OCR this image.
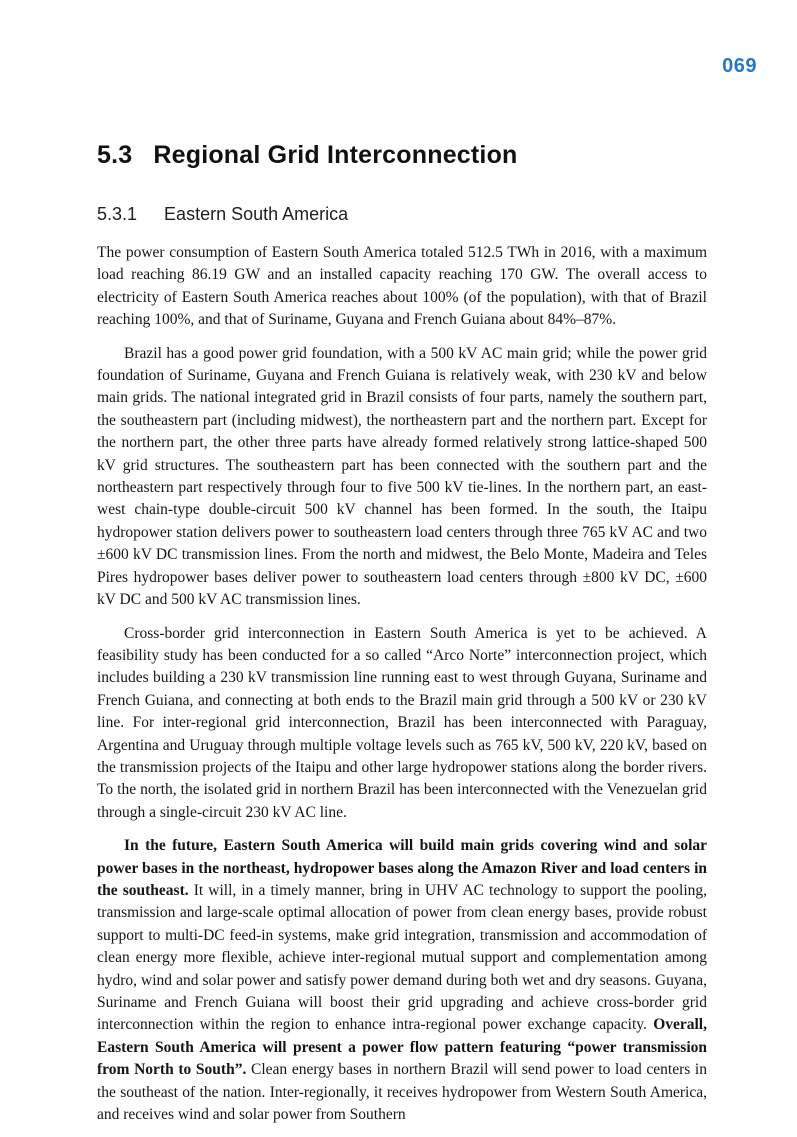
069
5.3 Regional Grid Interconnection
5.3.1 Eastern South America

The power consumption of Eastern South America totaled 512.5 TWh in 2016, with a maximum load reaching 86.19 GW and an installed capacity reaching 170 GW. The overall access to electricity of Eastern South America reaches about 100% (of the population), with that of Brazil reaching 100%, and that of Suriname, Guyana and French Guiana about 84%–87%.

Brazil has a good power grid foundation, with a 500 kV AC main grid; while the power grid foundation of Suriname, Guyana and French Guiana is relatively weak, with 230 kV and below main grids. The national integrated grid in Brazil consists of four parts, namely the southern part, the southeastern part (including midwest), the northeastern part and the northern part. Except for the northern part, the other three parts have already formed relatively strong lattice-shaped 500 kV grid structures. The southeastern part has been connected with the southern part and the northeastern part respectively through four to five 500 kV tie-lines. In the northern part, an east-west chain-type double-circuit 500 kV channel has been formed. In the south, the Itaipu hydropower station delivers power to southeastern load centers through three 765 kV AC and two ±600 kV DC transmission lines. From the north and midwest, the Belo Monte, Madeira and Teles Pires hydropower bases deliver power to southeastern load centers through ±800 kV DC, ±600 kV DC and 500 kV AC transmission lines.

Cross-border grid interconnection in Eastern South America is yet to be achieved. A feasibility study has been conducted for a so called “Arco Norte” interconnection project, which includes building a 230 kV transmission line running east to west through Guyana, Suriname and French Guiana, and connecting at both ends to the Brazil main grid through a 500 kV or 230 kV line. For inter-regional grid interconnection, Brazil has been interconnected with Paraguay, Argentina and Uruguay through multiple voltage levels such as 765 kV, 500 kV, 220 kV, based on the transmission projects of the Itaipu and other large hydropower stations along the border rivers. To the north, the isolated grid in northern Brazil has been interconnected with the Venezuelan grid through a single-circuit 230 kV AC line.

In the future, Eastern South America will build main grids covering wind and solar power bases in the northeast, hydropower bases along the Amazon River and load centers in the southeast. It will, in a timely manner, bring in UHV AC technology to support the pooling, transmission and large-scale optimal allocation of power from clean energy bases, provide robust support to multi-DC feed-in systems, make grid integration, transmission and accommodation of clean energy more flexible, achieve inter-regional mutual support and complementation among hydro, wind and solar power and satisfy power demand during both wet and dry seasons. Guyana, Suriname and French Guiana will boost their grid upgrading and achieve cross-border grid interconnection within the region to enhance intra-regional power exchange capacity. Overall, Eastern South America will present a power flow pattern featuring “power transmission from North to South”. Clean energy bases in northern Brazil will send power to load centers in the southeast of the nation. Inter-regionally, it receives hydropower from Western South America, and receives wind and solar power from Southern
